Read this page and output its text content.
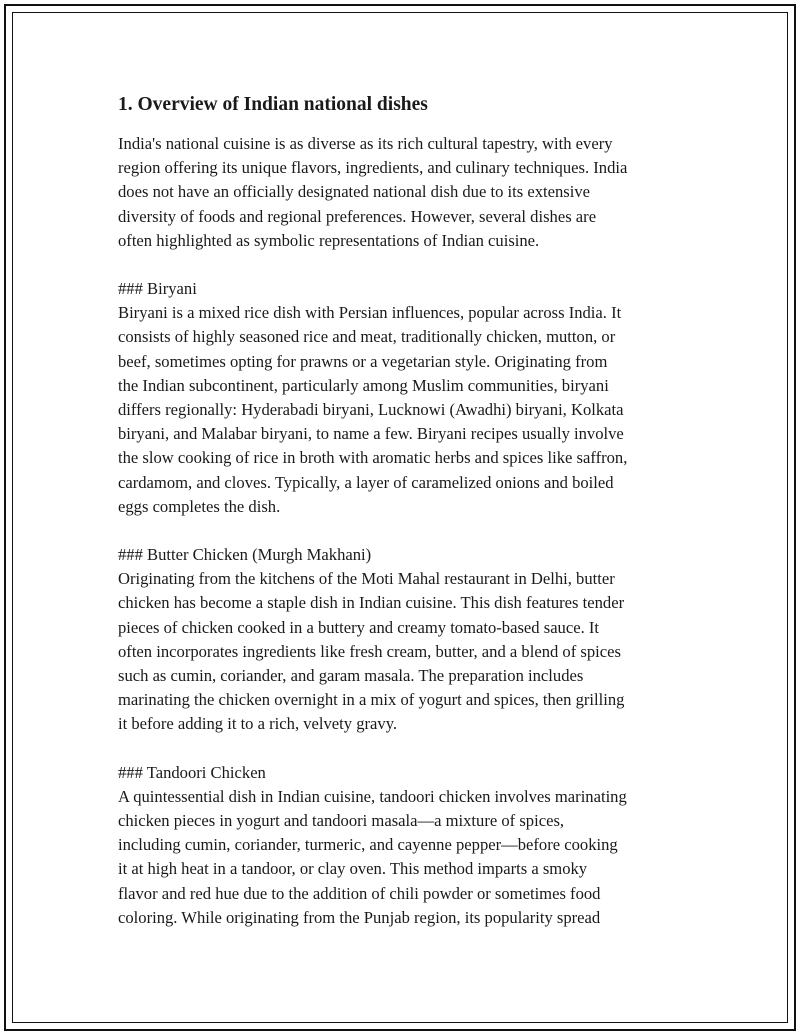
1. Overview of Indian national dishes

India's national cuisine is as diverse as its rich cultural tapestry, with every
region offering its unique flavors, ingredients, and culinary techniques. India
does not have an officially designated national dish due to its extensive
diversity of foods and regional preferences. However, several dishes are
often highlighted as symbolic representations of Indian cuisine.

### Biryani
Biryani is a mixed rice dish with Persian influences, popular across India. It
consists of highly seasoned rice and meat, traditionally chicken, mutton, or
beef, sometimes opting for prawns or a vegetarian style. Originating from
the Indian subcontinent, particularly among Muslim communities, biryani
differs regionally: Hyderabadi biryani, Lucknowi (Awadhi) biryani, Kolkata
biryani, and Malabar biryani, to name a few. Biryani recipes usually involve
the slow cooking of rice in broth with aromatic herbs and spices like saffron,
cardamom, and cloves. Typically, a layer of caramelized onions and boiled
eggs completes the dish.

### Butter Chicken (Murgh Makhani)
Originating from the kitchens of the Moti Mahal restaurant in Delhi, butter
chicken has become a staple dish in Indian cuisine. This dish features tender
pieces of chicken cooked in a buttery and creamy tomato-based sauce. It
often incorporates ingredients like fresh cream, butter, and a blend of spices
such as cumin, coriander, and garam masala. The preparation includes
marinating the chicken overnight in a mix of yogurt and spices, then grilling
it before adding it to a rich, velvety gravy.

### Tandoori Chicken
A quintessential dish in Indian cuisine, tandoori chicken involves marinating
chicken pieces in yogurt and tandoori masala—a mixture of spices,
including cumin, coriander, turmeric, and cayenne pepper—before cooking
it at high heat in a tandoor, or clay oven. This method imparts a smoky
flavor and red hue due to the addition of chili powder or sometimes food
coloring. While originating from the Punjab region, its popularity spread
